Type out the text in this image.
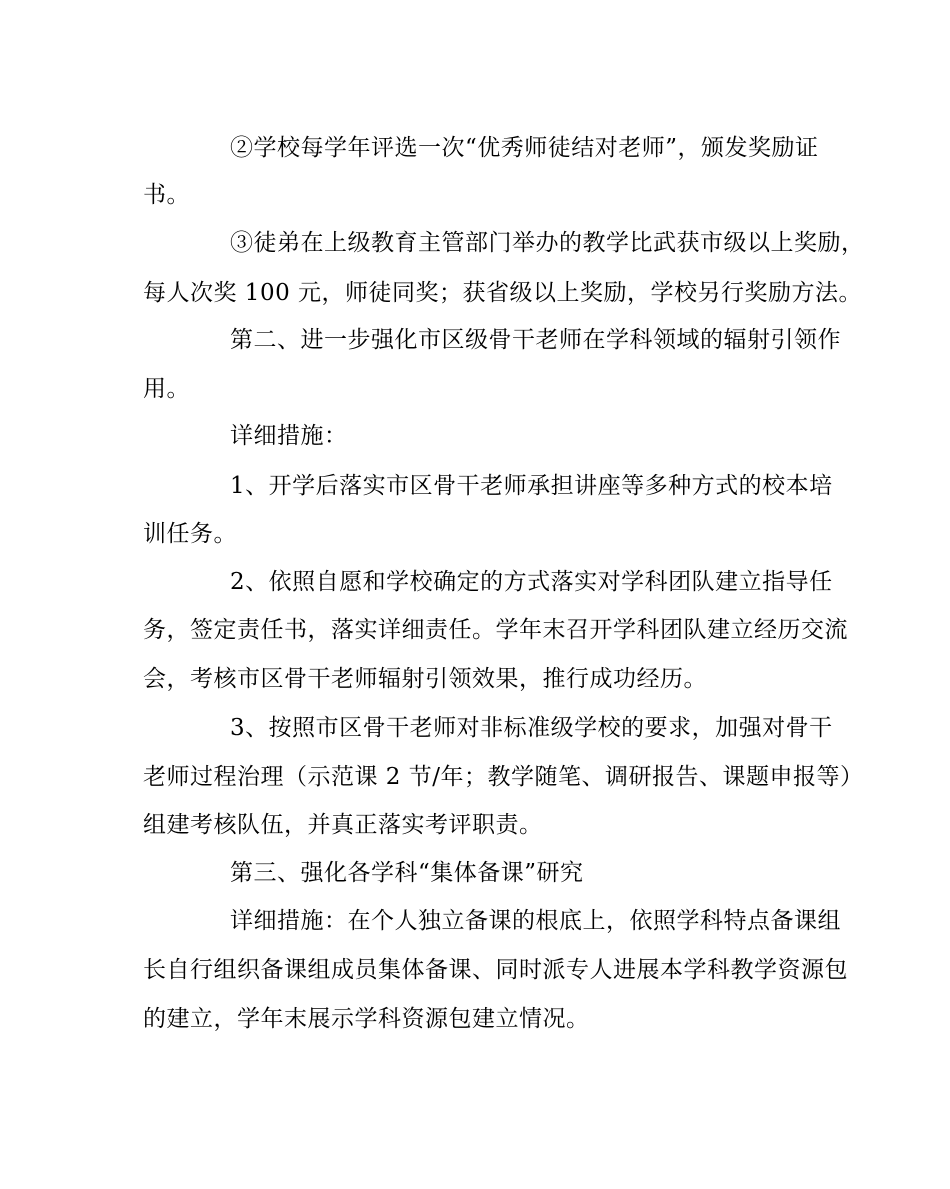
②学校每学年评选一次“优秀师徒结对老师”，颁发奖励证
书。
③徒弟在上级教育主管部门举办的教学比武获市级以上奖励，
每人次奖 100 元，师徒同奖；获省级以上奖励，学校另行奖励方法。
第二、进一步强化市区级骨干老师在学科领域的辐射引领作
用。
详细措施：
1、开学后落实市区骨干老师承担讲座等多种方式的校本培
训任务。
2、依照自愿和学校确定的方式落实对学科团队建立指导任
务，签定责任书，落实详细责任。学年末召开学科团队建立经历交流
会，考核市区骨干老师辐射引领效果，推行成功经历。
3、按照市区骨干老师对非标准级学校的要求，加强对骨干
老师过程治理（示范课 2 节/年；教学随笔、调研报告、课题申报等）
组建考核队伍，并真正落实考评职责。
第三、强化各学科“集体备课”研究
详细措施：在个人独立备课的根底上，依照学科特点备课组
长自行组织备课组成员集体备课、同时派专人进展本学科教学资源包
的建立，学年末展示学科资源包建立情况。
